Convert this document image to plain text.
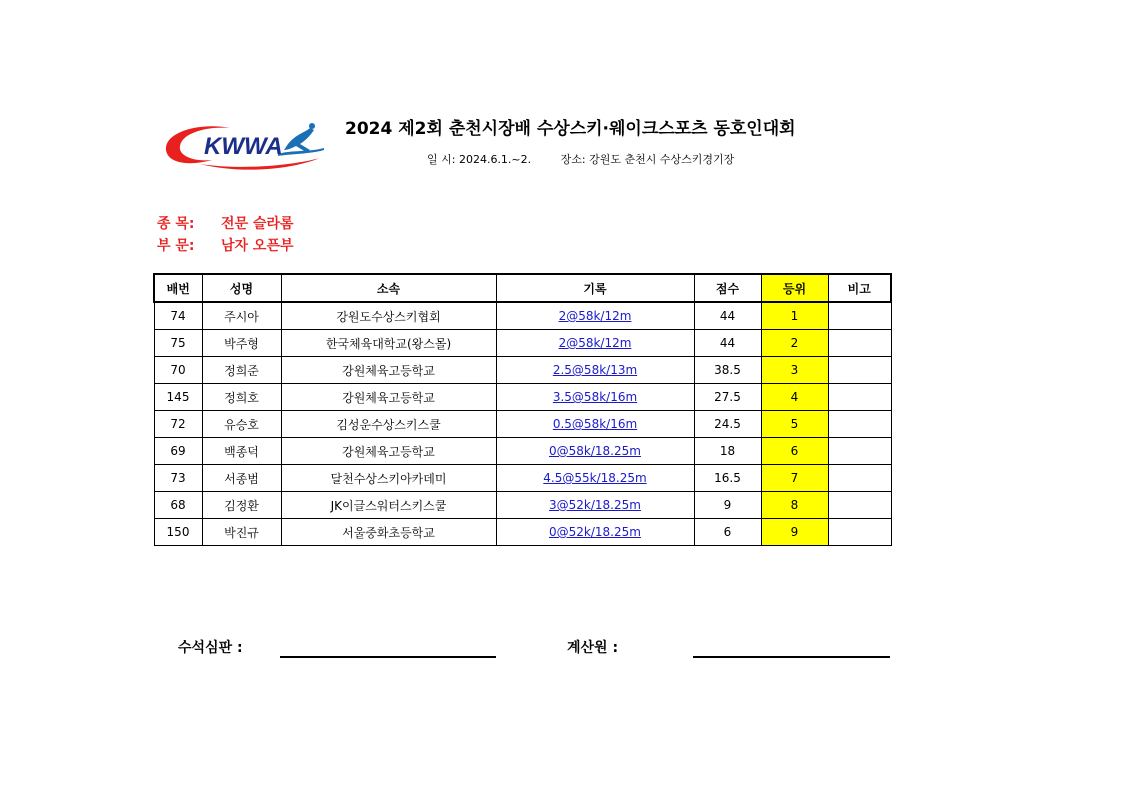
KWWA
2024 제2회 춘천시장배 수상스키·웨이크스포츠 동호인대회
일 시: 2024.6.1.~2.	장소: 강원도 춘천시 수상스키경기장
종 목: 전문 슬라롬
부 문: 남자 오픈부
배번	성명	소속	기록	점수	등위	비고
74	주시아	강원도수상스키협회	2@58k/12m	44	1	
75	박주형	한국체육대학교(왕스몰)	2@58k/12m	44	2	
70	정희준	강원체육고등학교	2.5@58k/13m	38.5	3	
145	정희호	강원체육고등학교	3.5@58k/16m	27.5	4	
72	유승호	김성운수상스키스쿨	0.5@58k/16m	24.5	5	
69	백종덕	강원체육고등학교	0@58k/18.25m	18	6	
73	서종범	달천수상스키아카데미	4.5@55k/18.25m	16.5	7	
68	김정환	JK이글스워터스키스쿨	3@52k/18.25m	9	8	
150	박진규	서울중화초등학교	0@52k/18.25m	6	9	
수석심판 :	계산원 :
